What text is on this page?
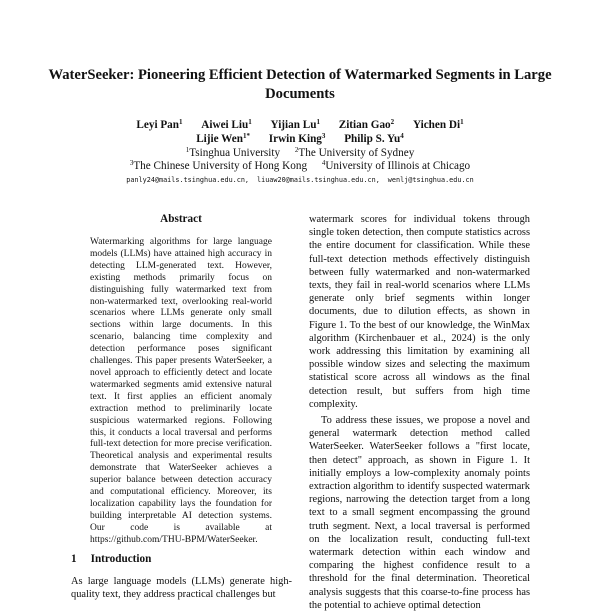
WaterSeeker: Pioneering Efficient Detection of Watermarked Segments in Large Documents
Leyi Pan$^1$ Aiwei Liu$^1$ Yijian Lu$^1$ Zitian Gao$^2$ Yichen Di$^1$
Lijie Wen$^{1*}$ Irwin King$^3$ Philip S. Yu$^4$
$^1$Tsinghua University $^2$The University of Sydney
$^3$The Chinese University of Hong Kong $^4$University of Illinois at Chicago
panly24@mails.tsinghua.edu.cn, liuaw20@mails.tsinghua.edu.cn, wenlj@tsinghua.edu.cn
Abstract

Watermarking algorithms for large language models (LLMs) have attained high accuracy in detecting LLM-generated text. However, existing methods primarily focus on distinguishing fully watermarked text from non-watermarked text, overlooking real-world scenarios where LLMs generate only small sections within large documents. In this scenario, balancing time complexity and detection performance poses significant challenges. This paper presents WaterSeeker, a novel approach to efficiently detect and locate watermarked segments amid extensive natural text. It first applies an efficient anomaly extraction method to preliminarily locate suspicious watermarked regions. Following this, it conducts a local traversal and performs full-text detection for more precise verification. Theoretical analysis and experimental results demonstrate that WaterSeeker achieves a superior balance between detection accuracy and computational efficiency. Moreover, its localization capability lays the foundation for building interpretable AI detection systems. Our code is available at https://github.com/THU-BPM/WaterSeeker.

1 Introduction

As large language models (LLMs) generate high-quality text, they address practical challenges but

watermark scores for individual tokens through single token detection, then compute statistics across the entire document for classification. While these full-text detection methods effectively distinguish between fully watermarked and non-watermarked texts, they fail in real-world scenarios where LLMs generate only brief segments within longer documents, due to dilution effects, as shown in Figure 1. To the best of our knowledge, the WinMax algorithm (Kirchenbauer et al., 2024) is the only work addressing this limitation by examining all possible window sizes and selecting the maximum statistical score across all windows as the final detection result, but suffers from high time complexity.

To address these issues, we propose a novel and general watermark detection method called WaterSeeker. WaterSeeker follows a "first locate, then detect" approach, as shown in Figure 1. It initially employs a low-complexity anomaly points extraction algorithm to identify suspected watermark regions, narrowing the detection target from a long text to a small segment encompassing the ground truth segment. Next, a local traversal is performed on the localization result, conducting full-text watermark detection within each window and comparing the highest confidence result to a threshold for the final determination. Theoretical analysis suggests that this coarse-to-fine process has the potential to achieve optimal detection
